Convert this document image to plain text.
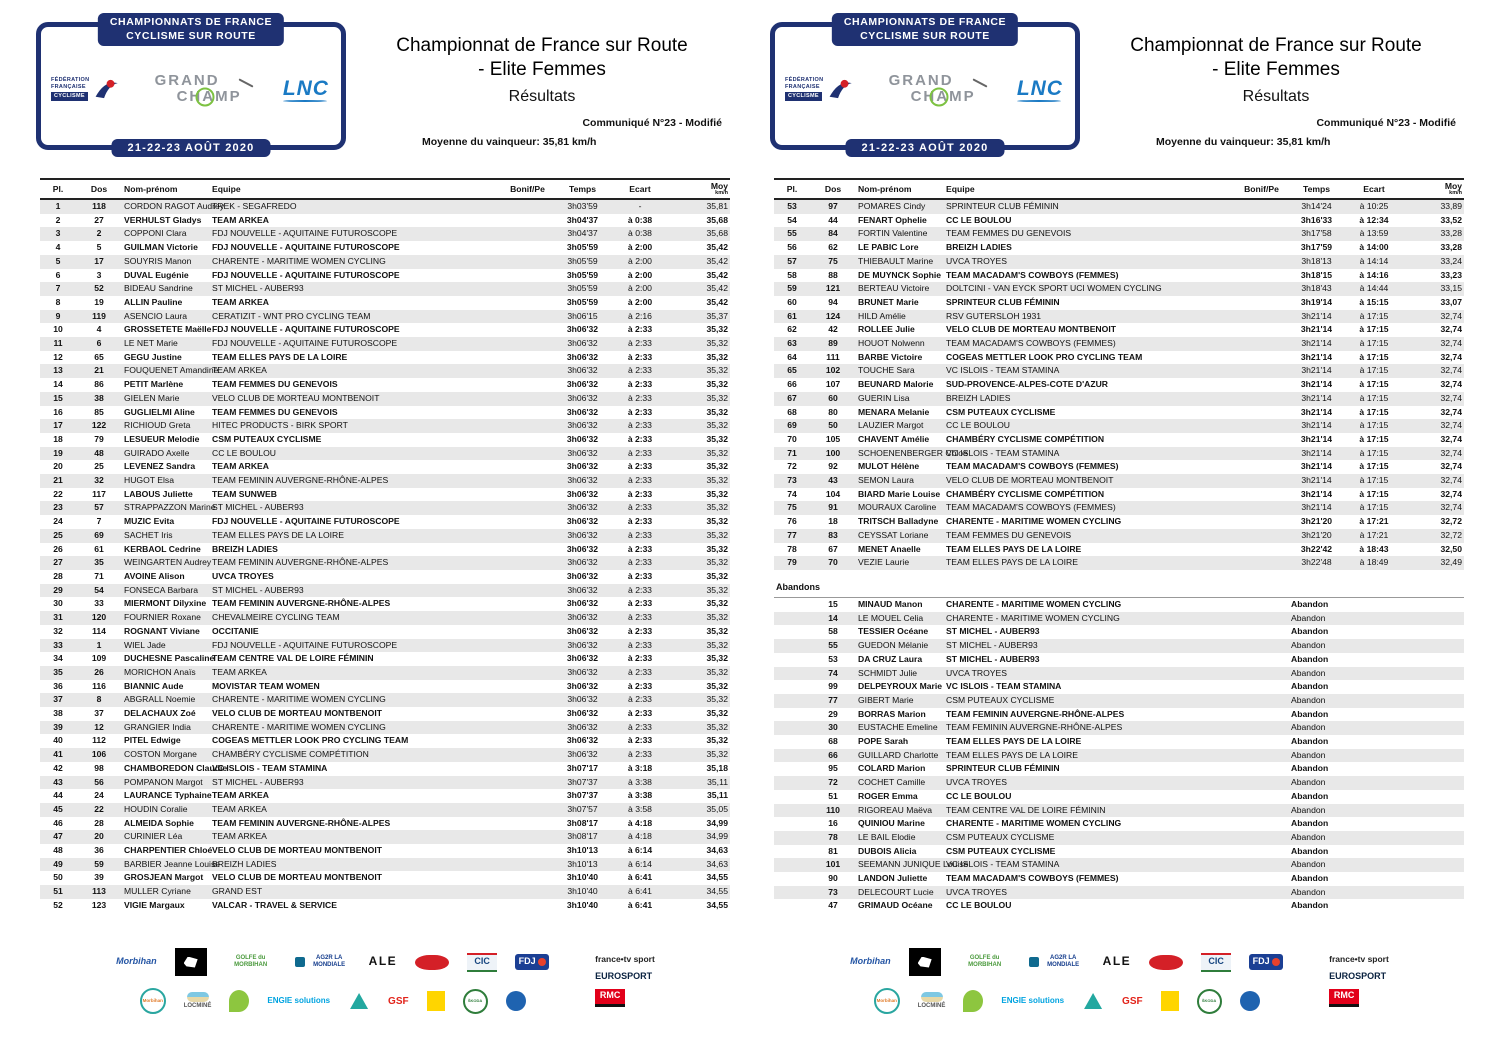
CHAMPIONNATS DE FRANCE
CYCLISME SUR ROUTE
FÉDÉRATION
FRANÇAISE
CYCLISME
GRAND
CHAMP LNC
21-22-23 AOÛT 2020
Championnat de France sur Route
- Elite Femmes
Résultats
Communiqué N°23 - Modifié
Moyenne du vainqueur: 35,81 km/h
Pl.	Dos	Nom-prénom	Equipe	Bonif/Pe	Temps	Ecart	Moy
km/h

1	118	CORDON RAGOT Audrey	TREK - SEGAFREDO		3h03'59	-	35,81
2	27	VERHULST Gladys	TEAM ARKEA		3h04'37	à 0:38	35,68
3	2	COPPONI Clara	FDJ NOUVELLE - AQUITAINE FUTUROSCOPE		3h04'37	à 0:38	35,68
4	5	GUILMAN Victorie	FDJ NOUVELLE - AQUITAINE FUTUROSCOPE		3h05'59	à 2:00	35,42
5	17	SOUYRIS Manon	CHARENTE - MARITIME WOMEN CYCLING		3h05'59	à 2:00	35,42
6	3	DUVAL Eugénie	FDJ NOUVELLE - AQUITAINE FUTUROSCOPE		3h05'59	à 2:00	35,42
7	52	BIDEAU Sandrine	ST MICHEL - AUBER93		3h05'59	à 2:00	35,42
8	19	ALLIN Pauline	TEAM ARKEA		3h05'59	à 2:00	35,42
9	119	ASENCIO Laura	CERATIZIT - WNT PRO CYCLING TEAM		3h06'15	à 2:16	35,37
10	4	GROSSETETE Maëlle	FDJ NOUVELLE - AQUITAINE FUTUROSCOPE		3h06'32	à 2:33	35,32
11	6	LE NET Marie	FDJ NOUVELLE - AQUITAINE FUTUROSCOPE		3h06'32	à 2:33	35,32
12	65	GEGU Justine	TEAM ELLES PAYS DE LA LOIRE		3h06'32	à 2:33	35,32
13	21	FOUQUENET Amandine	TEAM ARKEA		3h06'32	à 2:33	35,32
14	86	PETIT Marlène	TEAM FEMMES DU GENEVOIS		3h06'32	à 2:33	35,32
15	38	GIELEN Marie	VELO CLUB DE MORTEAU MONTBENOIT		3h06'32	à 2:33	35,32
16	85	GUGLIELMI Aline	TEAM FEMMES DU GENEVOIS		3h06'32	à 2:33	35,32
17	122	RICHIOUD Greta	HITEC PRODUCTS - BIRK SPORT		3h06'32	à 2:33	35,32
18	79	LESUEUR Melodie	CSM PUTEAUX CYCLISME		3h06'32	à 2:33	35,32
19	48	GUIRADO Axelle	CC LE BOULOU		3h06'32	à 2:33	35,32
20	25	LEVENEZ Sandra	TEAM ARKEA		3h06'32	à 2:33	35,32
21	32	HUGOT Elsa	TEAM FEMININ AUVERGNE-RHÔNE-ALPES		3h06'32	à 2:33	35,32
22	117	LABOUS Juliette	TEAM SUNWEB		3h06'32	à 2:33	35,32
23	57	STRAPPAZZON Marine	ST MICHEL - AUBER93		3h06'32	à 2:33	35,32
24	7	MUZIC Evita	FDJ NOUVELLE - AQUITAINE FUTUROSCOPE		3h06'32	à 2:33	35,32
25	69	SACHET Iris	TEAM ELLES PAYS DE LA LOIRE		3h06'32	à 2:33	35,32
26	61	KERBAOL Cedrine	BREIZH LADIES		3h06'32	à 2:33	35,32
27	35	WEINGARTEN Audrey	TEAM FEMININ AUVERGNE-RHÔNE-ALPES		3h06'32	à 2:33	35,32
28	71	AVOINE Alison	UVCA TROYES		3h06'32	à 2:33	35,32
29	54	FONSECA Barbara	ST MICHEL - AUBER93		3h06'32	à 2:33	35,32
30	33	MIERMONT Dilyxine	TEAM FEMININ AUVERGNE-RHÔNE-ALPES		3h06'32	à 2:33	35,32
31	120	FOURNIER Roxane	CHEVALMEIRE CYCLING TEAM		3h06'32	à 2:33	35,32
32	114	ROGNANT Viviane	OCCITANIE		3h06'32	à 2:33	35,32
33	1	WIEL Jade	FDJ NOUVELLE - AQUITAINE FUTUROSCOPE		3h06'32	à 2:33	35,32
34	109	DUCHESNE Pascaline	TEAM CENTRE VAL DE LOIRE FÉMININ		3h06'32	à 2:33	35,32
35	26	MORICHON Anaïs	TEAM ARKEA		3h06'32	à 2:33	35,32
36	116	BIANNIC Aude	MOVISTAR TEAM WOMEN		3h06'32	à 2:33	35,32
37	8	ABGRALL Noemie	CHARENTE - MARITIME WOMEN CYCLING		3h06'32	à 2:33	35,32
38	37	DELACHAUX Zoé	VELO CLUB DE MORTEAU MONTBENOIT		3h06'32	à 2:33	35,32
39	12	GRANGIER India	CHARENTE - MARITIME WOMEN CYCLING		3h06'32	à 2:33	35,32
40	112	PITEL Edwige	COGEAS METTLER LOOK PRO CYCLING TEAM		3h06'32	à 2:33	35,32
41	106	COSTON Morgane	CHAMBÉRY CYCLISME COMPÉTITION		3h06'32	à 2:33	35,32
42	98	CHAMBOREDON Claudie	VC ISLOIS - TEAM STAMINA		3h07'17	à 3:18	35,18
43	56	POMPANON Margot	ST MICHEL - AUBER93		3h07'37	à 3:38	35,11
44	24	LAURANCE Typhaine	TEAM ARKEA		3h07'37	à 3:38	35,11
45	22	HOUDIN Coralie	TEAM ARKEA		3h07'57	à 3:58	35,05
46	28	ALMEIDA Sophie	TEAM FEMININ AUVERGNE-RHÔNE-ALPES		3h08'17	à 4:18	34,99
47	20	CURINIER Léa	TEAM ARKEA		3h08'17	à 4:18	34,99
48	36	CHARPENTIER Chloé	VELO CLUB DE MORTEAU MONTBENOIT		3h10'13	à 6:14	34,63
49	59	BARBIER Jeanne Louise	BREIZH LADIES		3h10'13	à 6:14	34,63
50	39	GROSJEAN Margot	VELO CLUB DE MORTEAU MONTBENOIT		3h10'40	à 6:41	34,55
51	113	MULLER Cyriane	GRAND EST		3h10'40	à 6:41	34,55
52	123	VIGIE Margaux	VALCAR - TRAVEL & SERVICE		3h10'40	à 6:41	34,55
Morbihan	GOLFE du MORBIHAN
AG2R LA MONDIALE	ALE	CIC	FDJ
Morbihan
LOCMINÉ
ENGIE solutions	GSF	ŠKODA
france•tv sport
EUROSPORT
RMC
CHAMPIONNATS DE FRANCE
CYCLISME SUR ROUTE
FÉDÉRATION
FRANÇAISE
CYCLISME
GRAND
CHAMP LNC
21-22-23 AOÛT 2020
Championnat de France sur Route
- Elite Femmes
Résultats
Communiqué N°23 - Modifié
Moyenne du vainqueur: 35,81 km/h
Pl.	Dos	Nom-prénom	Equipe	Bonif/Pe	Temps	Ecart	Moy
km/h

53	97	POMARES Cindy	SPRINTEUR CLUB FÉMININ		3h14'24	à 10:25	33,89
54	44	FENART Ophelie	CC LE BOULOU		3h16'33	à 12:34	33,52
55	84	FORTIN Valentine	TEAM FEMMES DU GENEVOIS		3h17'58	à 13:59	33,28
56	62	LE PABIC Lore	BREIZH LADIES		3h17'59	à 14:00	33,28
57	75	THIEBAULT Marine	UVCA TROYES		3h18'13	à 14:14	33,24
58	88	DE MUYNCK Sophie	TEAM MACADAM'S COWBOYS (FEMMES)		3h18'15	à 14:16	33,23
59	121	BERTEAU Victoire	DOLTCINI - VAN EYCK SPORT UCI WOMEN CYCLING		3h18'43	à 14:44	33,15
60	94	BRUNET Marie	SPRINTEUR CLUB FÉMININ		3h19'14	à 15:15	33,07
61	124	HILD Amélie	RSV GUTERSLOH 1931		3h21'14	à 17:15	32,74
62	42	ROLLEE Julie	VELO CLUB DE MORTEAU MONTBENOIT		3h21'14	à 17:15	32,74
63	89	HOUOT Nolwenn	TEAM MACADAM'S COWBOYS (FEMMES)		3h21'14	à 17:15	32,74
64	111	BARBE Victoire	COGEAS METTLER LOOK PRO CYCLING TEAM		3h21'14	à 17:15	32,74
65	102	TOUCHE Sara	VC ISLOIS - TEAM STAMINA		3h21'14	à 17:15	32,74
66	107	BEUNARD Malorie	SUD-PROVENCE-ALPES-COTE D'AZUR		3h21'14	à 17:15	32,74
67	60	GUERIN Lisa	BREIZH LADIES		3h21'14	à 17:15	32,74
68	80	MENARA Melanie	CSM PUTEAUX CYCLISME		3h21'14	à 17:15	32,74
69	50	LAUZIER Margot	CC LE BOULOU		3h21'14	à 17:15	32,74
70	105	CHAVENT Amélie	CHAMBÉRY CYCLISME COMPÉTITION		3h21'14	à 17:15	32,74
71	100	SCHOENENBERGER Chloe	VC ISLOIS - TEAM STAMINA		3h21'14	à 17:15	32,74
72	92	MULOT Hélène	TEAM MACADAM'S COWBOYS (FEMMES)		3h21'14	à 17:15	32,74
73	43	SEMON Laura	VELO CLUB DE MORTEAU MONTBENOIT		3h21'14	à 17:15	32,74
74	104	BIARD Marie Louise	CHAMBÉRY CYCLISME COMPÉTITION		3h21'14	à 17:15	32,74
75	91	MOURAUX Caroline	TEAM MACADAM'S COWBOYS (FEMMES)		3h21'14	à 17:15	32,74
76	18	TRITSCH Balladyne	CHARENTE - MARITIME WOMEN CYCLING		3h21'20	à 17:21	32,72
77	83	CEYSSAT Loriane	TEAM FEMMES DU GENEVOIS		3h21'20	à 17:21	32,72
78	67	MENET Anaelle	TEAM ELLES PAYS DE LA LOIRE		3h22'42	à 18:43	32,50
79	70	VEZIE Laurie	TEAM ELLES PAYS DE LA LOIRE		3h22'48	à 18:49	32,49
Abandons
	15	MINAUD Manon	CHARENTE - MARITIME WOMEN CYCLING		Abandon	
	14	LE MOUEL Celia	CHARENTE - MARITIME WOMEN CYCLING		Abandon	
	58	TESSIER Océane	ST MICHEL - AUBER93		Abandon	
	55	GUEDON Mélanie	ST MICHEL - AUBER93		Abandon	
	53	DA CRUZ Laura	ST MICHEL - AUBER93		Abandon	
	74	SCHMIDT Julie	UVCA TROYES		Abandon	
	99	DELPEYROUX Marie	VC ISLOIS - TEAM STAMINA		Abandon	
	77	GIBERT Marie	CSM PUTEAUX CYCLISME		Abandon	
	29	BORRAS Marion	TEAM FEMININ AUVERGNE-RHÔNE-ALPES		Abandon	
	30	EUSTACHE Emeline	TEAM FEMININ AUVERGNE-RHÔNE-ALPES		Abandon	
	68	POPE Sarah	TEAM ELLES PAYS DE LA LOIRE		Abandon	
	66	GUILLARD Charlotte	TEAM ELLES PAYS DE LA LOIRE		Abandon	
	95	COLARD Marion	SPRINTEUR CLUB FÉMININ		Abandon	
	72	COCHET Camille	UVCA TROYES		Abandon	
	51	ROGER Emma	CC LE BOULOU		Abandon	
	110	RIGOREAU Maëva	TEAM CENTRE VAL DE LOIRE FÉMININ		Abandon	
	16	QUINIOU Marine	CHARENTE - MARITIME WOMEN CYCLING		Abandon	
	78	LE BAIL Elodie	CSM PUTEAUX CYCLISME		Abandon	
	81	DUBOIS Alicia	CSM PUTEAUX CYCLISME		Abandon	
	101	SEEMANN JUNIQUE Louise	VC ISLOIS - TEAM STAMINA		Abandon	
	90	LANDON Juliette	TEAM MACADAM'S COWBOYS (FEMMES)		Abandon	
	73	DELECOURT Lucie	UVCA TROYES		Abandon	
	47	GRIMAUD Océane	CC LE BOULOU		Abandon	
Morbihan	GOLFE du MORBIHAN
AG2R LA MONDIALE	ALE	CIC	FDJ
Morbihan
LOCMINÉ
ENGIE solutions	GSF	ŠKODA
france•tv sport
EUROSPORT
RMC
